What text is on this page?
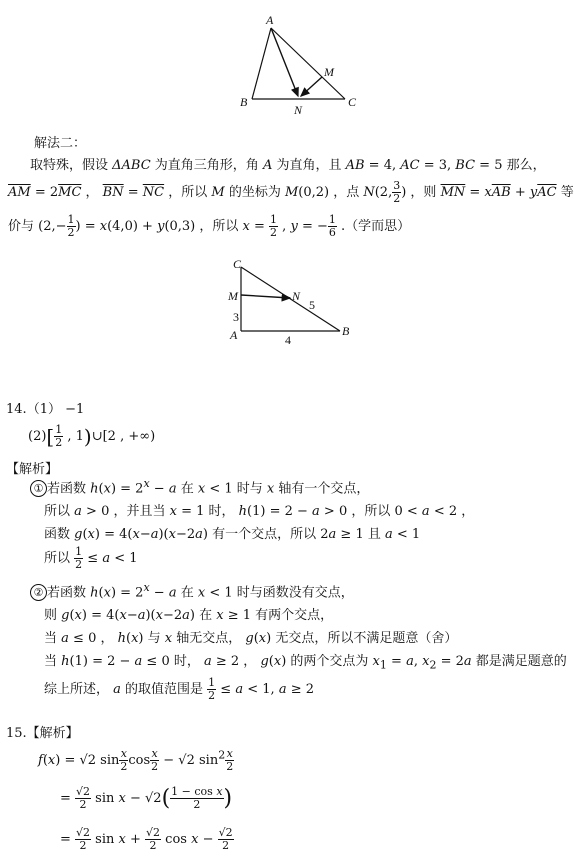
A
B	C
M
N
解法二：
取特殊，假设 ΔABC 为直角三角形，角 A 为直角，且 AB = 4, AC = 3, BC = 5 那么，
$\overline{AM} = 2\overline{MC}$ ， $\overline{BN} = \overline{NC}$ ，所以 M 的坐标为 M(0,2) ，点 N(2, $\frac{3}{2}$ ) ，则 $\overline{MN} = x\overline{AB} + y\overline{AC}$ 等
价与 ($2,- \frac{1}{2}$ ) = x(4,0) + y(0,3) ，所以 $x = \frac{1}{2}$ , y = − $\frac{1}{6}$ .（学而思）
C
M	N
A	B
3
4
5
14.（1） −1
$(2)[ \frac{1}{2}$ , 1)∪[2 , +∞)
【解析】
① 若函数 $h(x) = 2^x - a$ 在 x < 1 时与 x 轴有一个交点，
所以 a > 0 ，并且当 x = 1 时， h(1) = 2 − a > 0 ，所以 0 < a < 2 ，
函数 g(x) = 4(x−a)(x−2a) 有一个交点，所以 2a ≥ 1 且 a < 1
所以 $\frac{1}{2} \le a < 1$
② 若函数 $h(x) = 2^x - a$ 在 x < 1 时与函数没有交点，
则 g(x) = 4(x−a)(x−2a) 在 x ≥ 1 有两个交点，
当 a ≤ 0 ， h(x) 与 x 轴无交点， g(x) 无交点，所以不满足题意（舍）
当 h(1) = 2 − a ≤ 0 时， a ≥ 2 ， g(x) 的两个交点为 $x_1 = a$, $x_2 = 2a$ 都是满足题意的
综上所述， a 的取值范围是 $\frac{1}{2} \le a < 1$, a ≥ 2
15.【解析】
f(x) = √2 $\sin \frac{x}{2}$ $\cos \frac{x}{2} - √2$ $\sin^2 \frac{x}{2}$
= $\frac{√2}{2}$ $\sin x - √2( \frac{\text{1 − cos x}}{2}$ )
= $\frac{√2}{2}$ $\sin x + \frac{√2}{2}$ $\cos x - \frac{√2}{2}$
